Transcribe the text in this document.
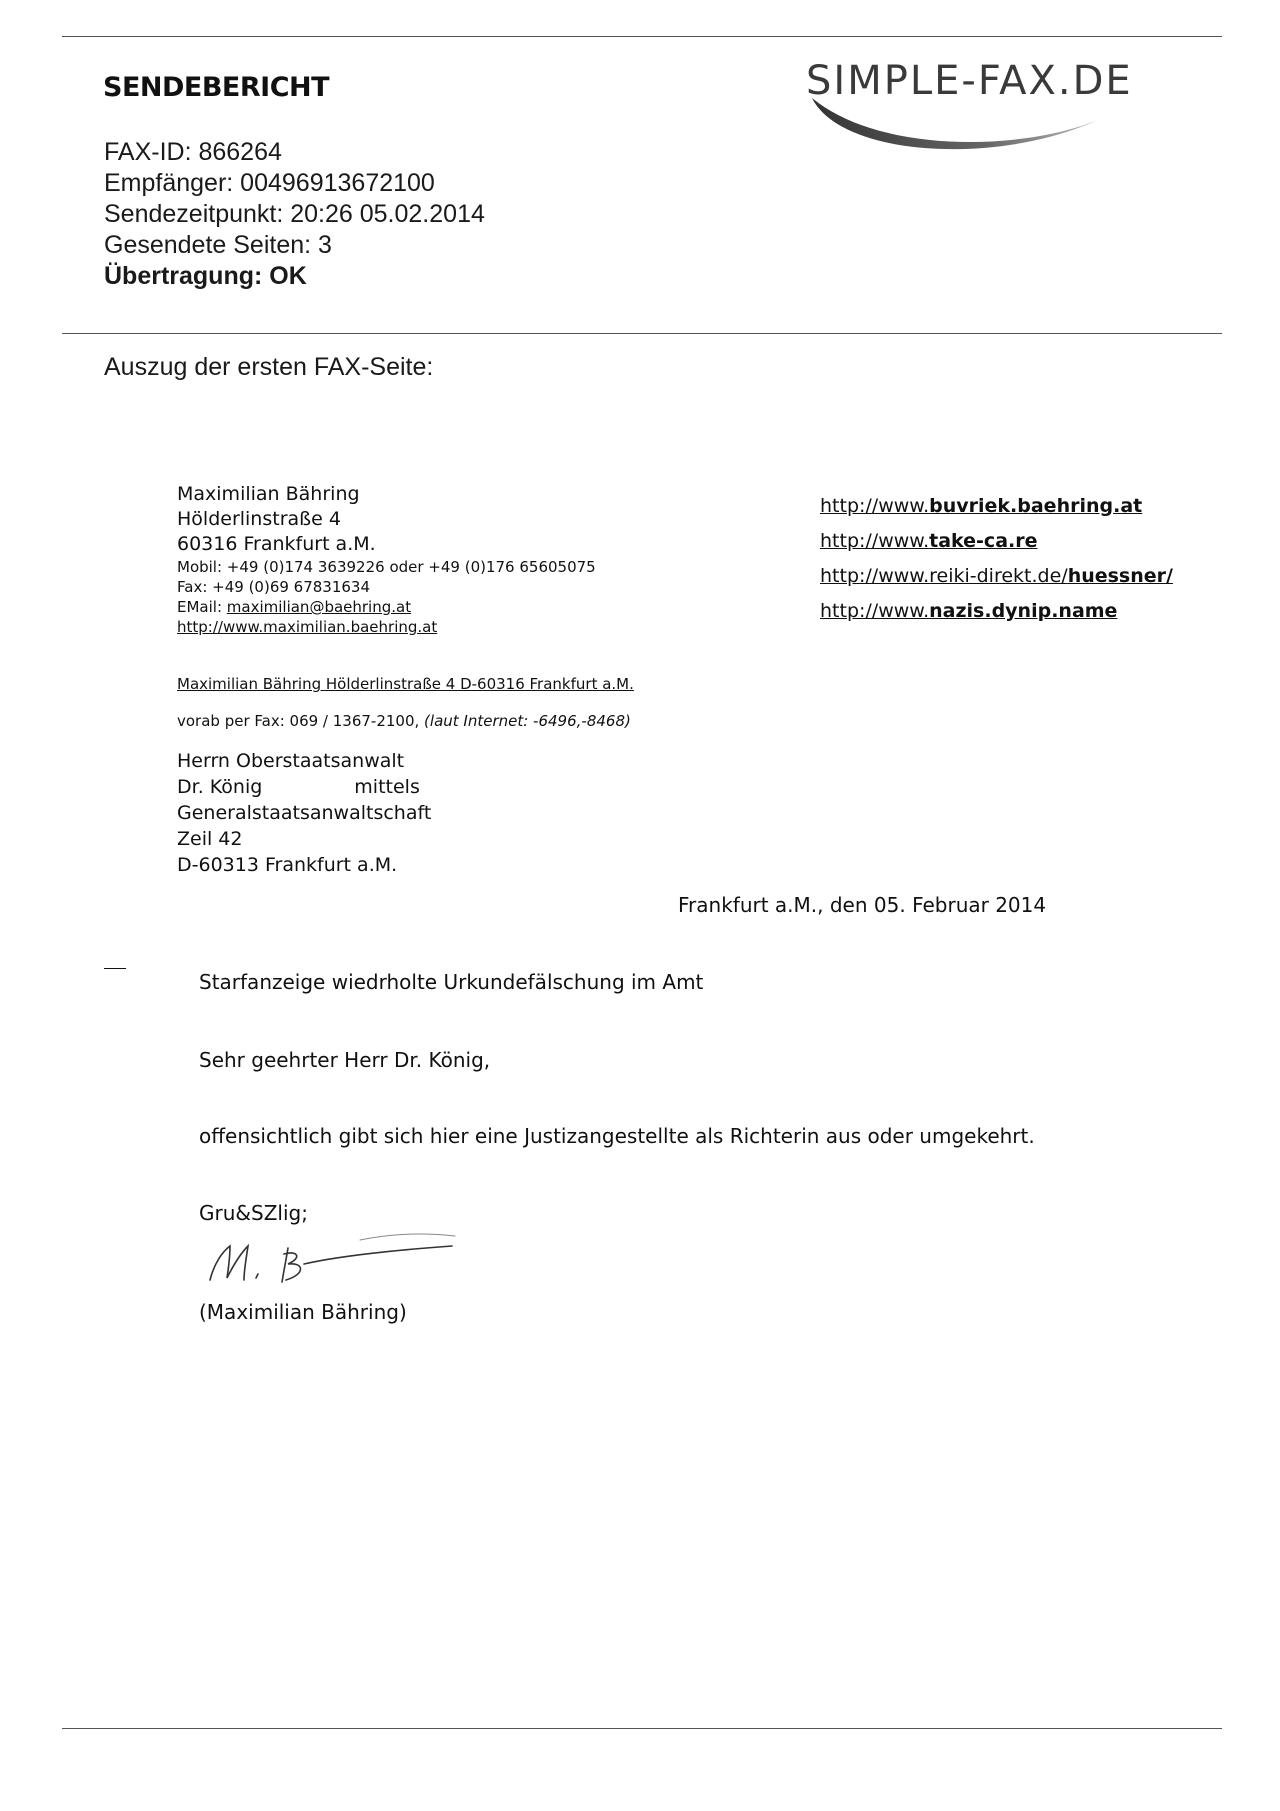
SENDEBERICHT	SIMPLE-FAX.DE
FAX-ID: 866264
Empfänger: 00496913672100
Sendezeitpunkt: 20:26 05.02.2014
Gesendete Seiten: 3
Übertragung: OK
Auszug der ersten FAX-Seite:
Maximilian Bähring
Hölderlinstraße 4
60316 Frankfurt a.M.
Mobil: +49 (0)174 3639226 oder +49 (0)176 65605075
Fax: +49 (0)69 67831634
EMail: maximilian@baehring.at
http://www.maximilian.baehring.at
http://www.buvriek.baehring.at
http://www.take-ca.re
http://www.reiki-direkt.de/huessner/
http://www.nazis.dynip.name
Maximilian Bähring Hölderlinstraße 4 D-60316 Frankfurt a.M.
vorab per Fax: 069 / 1367-2100, (laut Internet: -6496,-8468)
Herrn Oberstaatsanwalt
Dr. König	mittels
Generalstaatsanwaltschaft
Zeil 42
D-60313 Frankfurt a.M.
Frankfurt a.M., den 05. Februar 2014
Starfanzeige wiedrholte Urkundefälschung im Amt
Sehr geehrter Herr Dr. König,
offensichtlich gibt sich hier eine Justizangestellte als Richterin aus oder umgekehrt.
Gru&SZlig;
(Maximilian Bähring)
